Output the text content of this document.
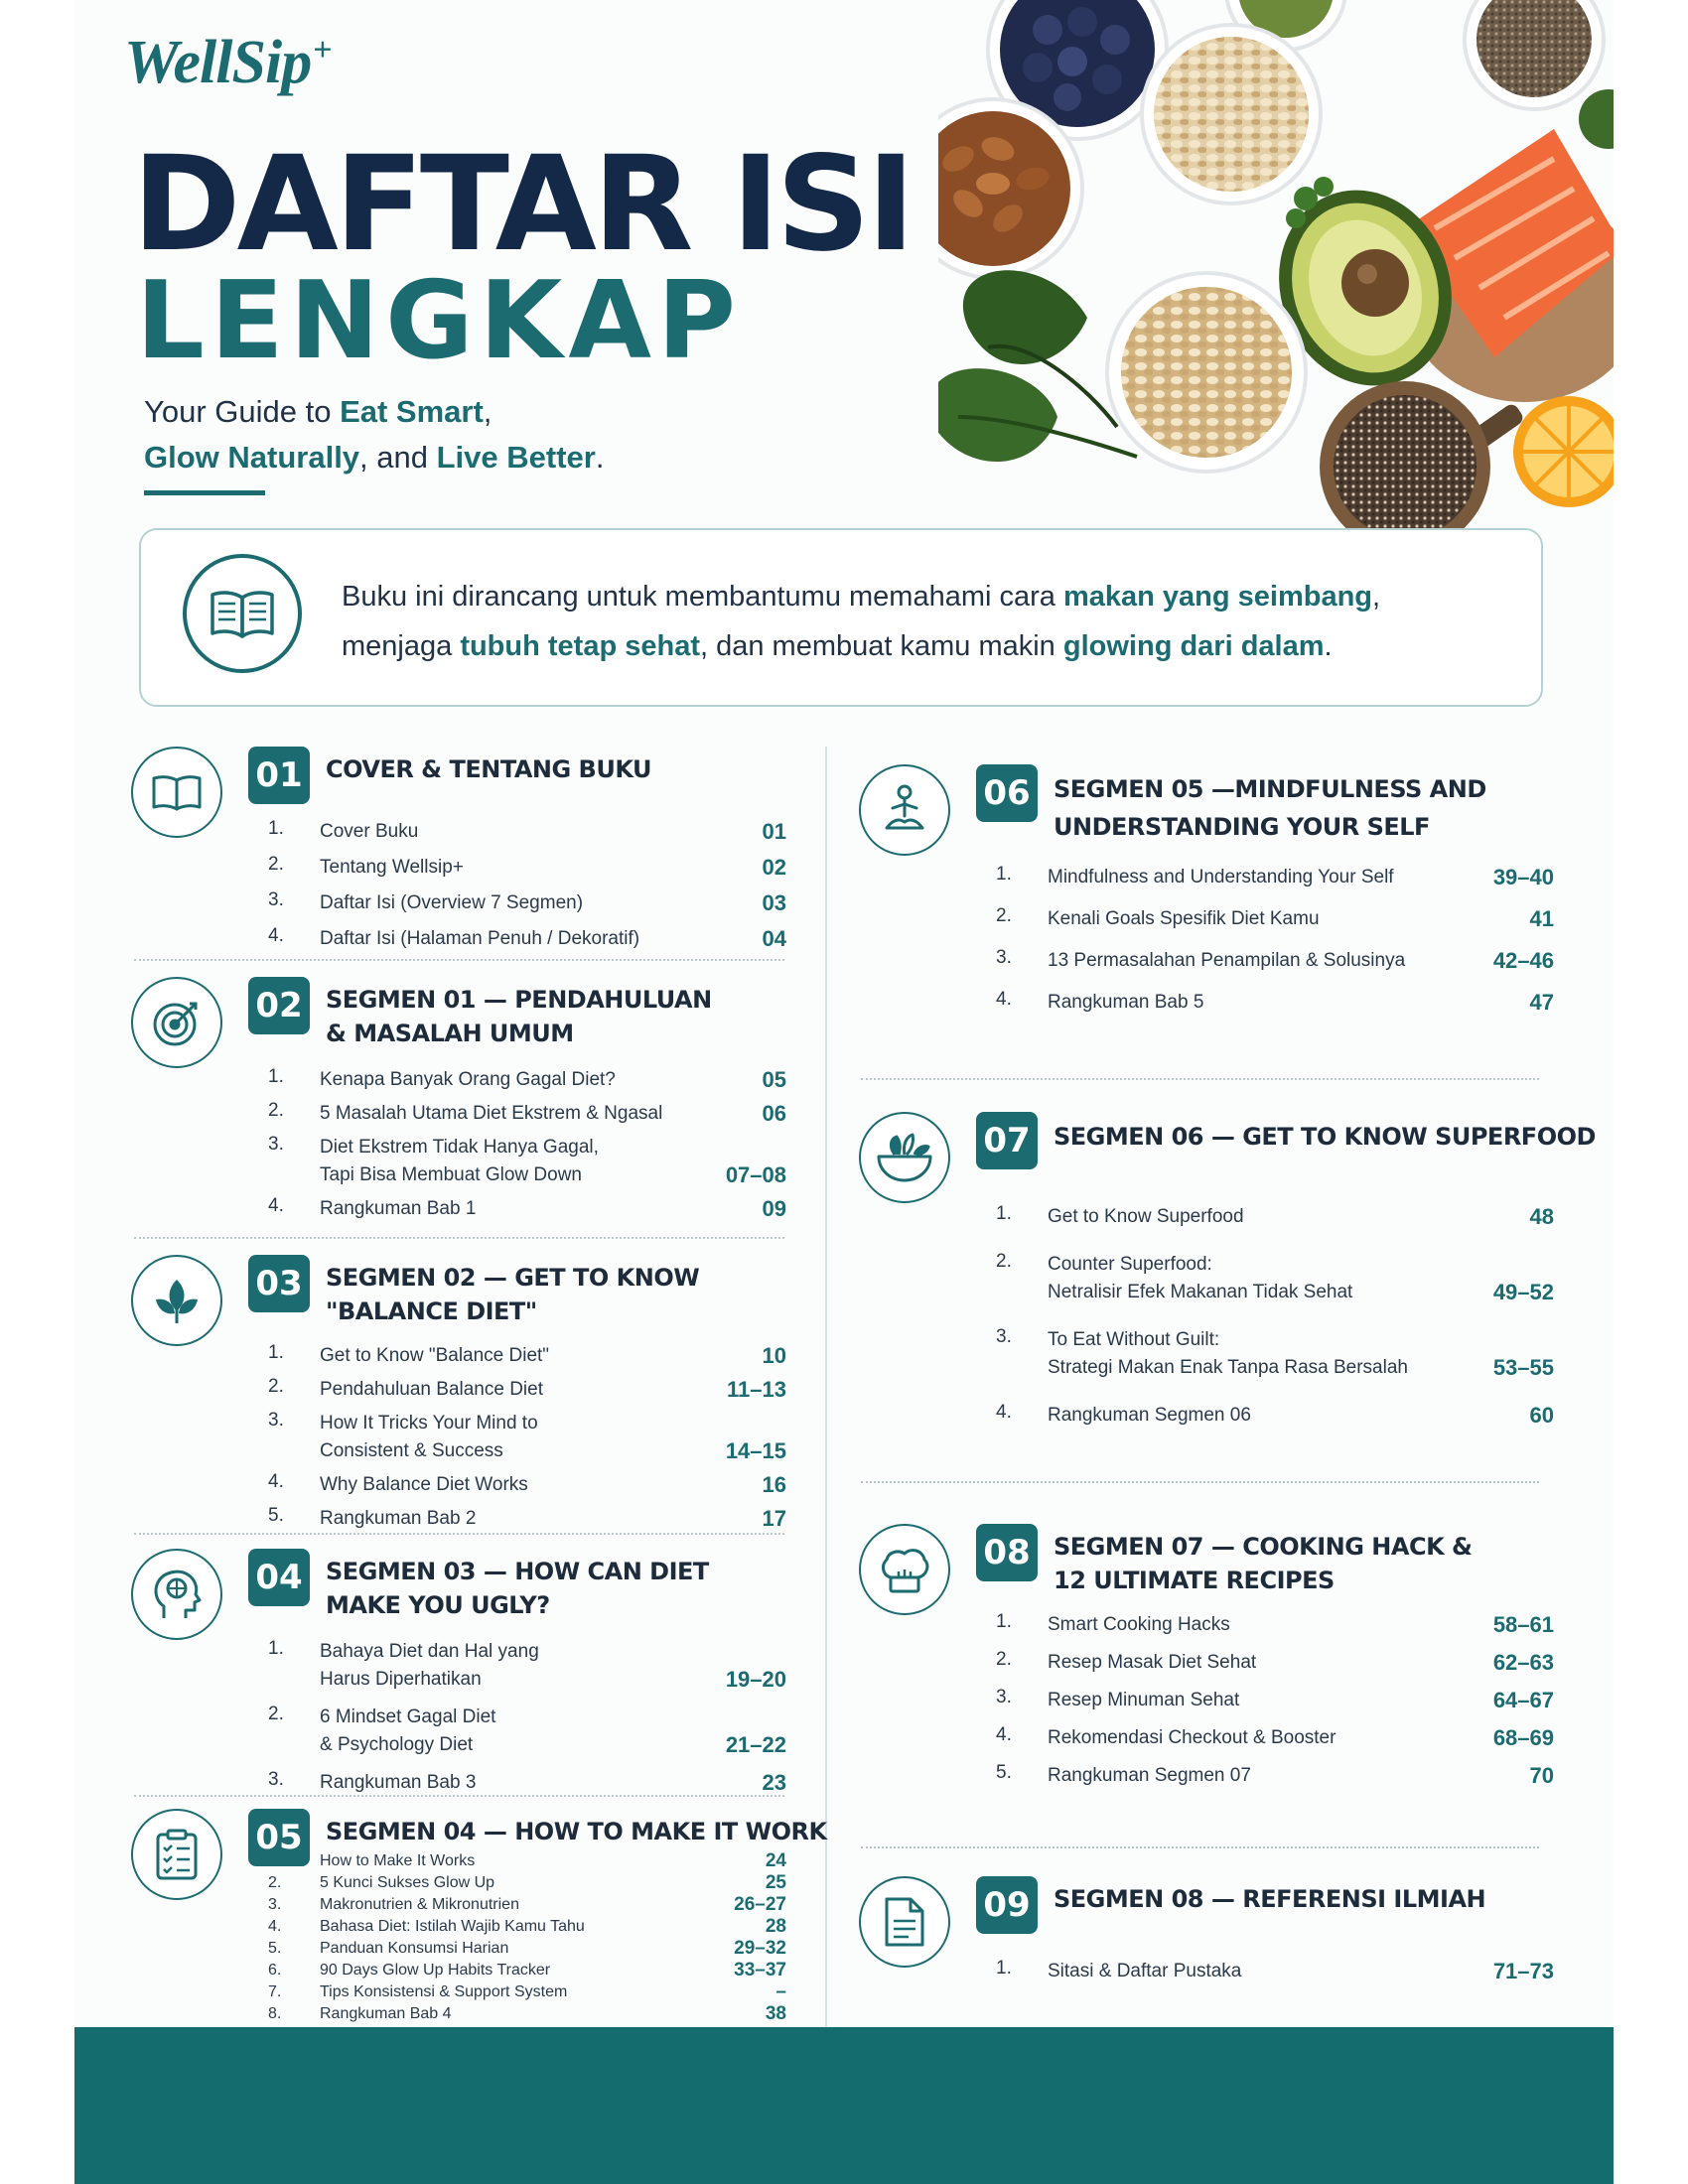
WellSip+
DAFTAR ISI
LENGKAP
Your Guide to Eat Smart,
Glow Naturally, and Live Better.
Buku ini dirancang untuk membantumu memahami cara makan yang seimbang,
menjaga tubuh tetap sehat, dan membuat kamu makin glowing dari dalam.
01 COVER & TENTANG BUKU
1.	Cover Buku	01
2.	Tentang Wellsip+	02
3.	Daftar Isi (Overview 7 Segmen)	03
4.	Daftar Isi (Halaman Penuh / Dekoratif)	04
02 SEGMEN 01 — PENDAHULUAN
& MASALAH UMUM
1.	Kenapa Banyak Orang Gagal Diet?	05
2.	5 Masalah Utama Diet Ekstrem & Ngasal	06
3.	Diet Ekstrem Tidak Hanya Gagal,
Tapi Bisa Membuat Glow Down	07–08
4.	Rangkuman Bab 1	09
03 SEGMEN 02 — GET TO KNOW
"BALANCE DIET"
1.	Get to Know "Balance Diet"	10
2.	Pendahuluan Balance Diet	11–13
3.	How It Tricks Your Mind to
Consistent & Success	14–15
4.	Why Balance Diet Works	16
5.	Rangkuman Bab 2	17
04 SEGMEN 03 — HOW CAN DIET
MAKE YOU UGLY?
1.	Bahaya Diet dan Hal yang
Harus Diperhatikan	19–20
2.	6 Mindset Gagal Diet
& Psychology Diet	21–22
3.	Rangkuman Bab 3	23
05 SEGMEN 04 — HOW TO MAKE IT WORK
How to Make It Works	24
2.	5 Kunci Sukses Glow Up	25
3.	Makronutrien & Mikronutrien	26–27
4.	Bahasa Diet: Istilah Wajib Kamu Tahu	28
5.	Panduan Konsumsi Harian	29–32
6.	90 Days Glow Up Habits Tracker	33–37
7.	Tips Konsistensi & Support System	–
8.	Rangkuman Bab 4	38
06 SEGMEN 05 —MINDFULNESS AND
UNDERSTANDING YOUR SELF
1.	Mindfulness and Understanding Your Self	39–40
2.	Kenali Goals Spesifik Diet Kamu	41
3.	13 Permasalahan Penampilan & Solusinya	42–46
4.	Rangkuman Bab 5	47
07 SEGMEN 06 — GET TO KNOW SUPERFOOD
1.	Get to Know Superfood	48
2.	Counter Superfood:
Netralisir Efek Makanan Tidak Sehat	49–52
3.	To Eat Without Guilt:
Strategi Makan Enak Tanpa Rasa Bersalah	53–55
4.	Rangkuman Segmen 06	60
08 SEGMEN 07 — COOKING HACK &
12 ULTIMATE RECIPES
1.	Smart Cooking Hacks	58–61
2.	Resep Masak Diet Sehat	62–63
3.	Resep Minuman Sehat	64–67
4.	Rekomendasi Checkout & Booster	68–69
5.	Rangkuman Segmen 07	70
09 SEGMEN 08 — REFERENSI ILMIAH
1.	Sitasi & Daftar Pustaka	71–73
